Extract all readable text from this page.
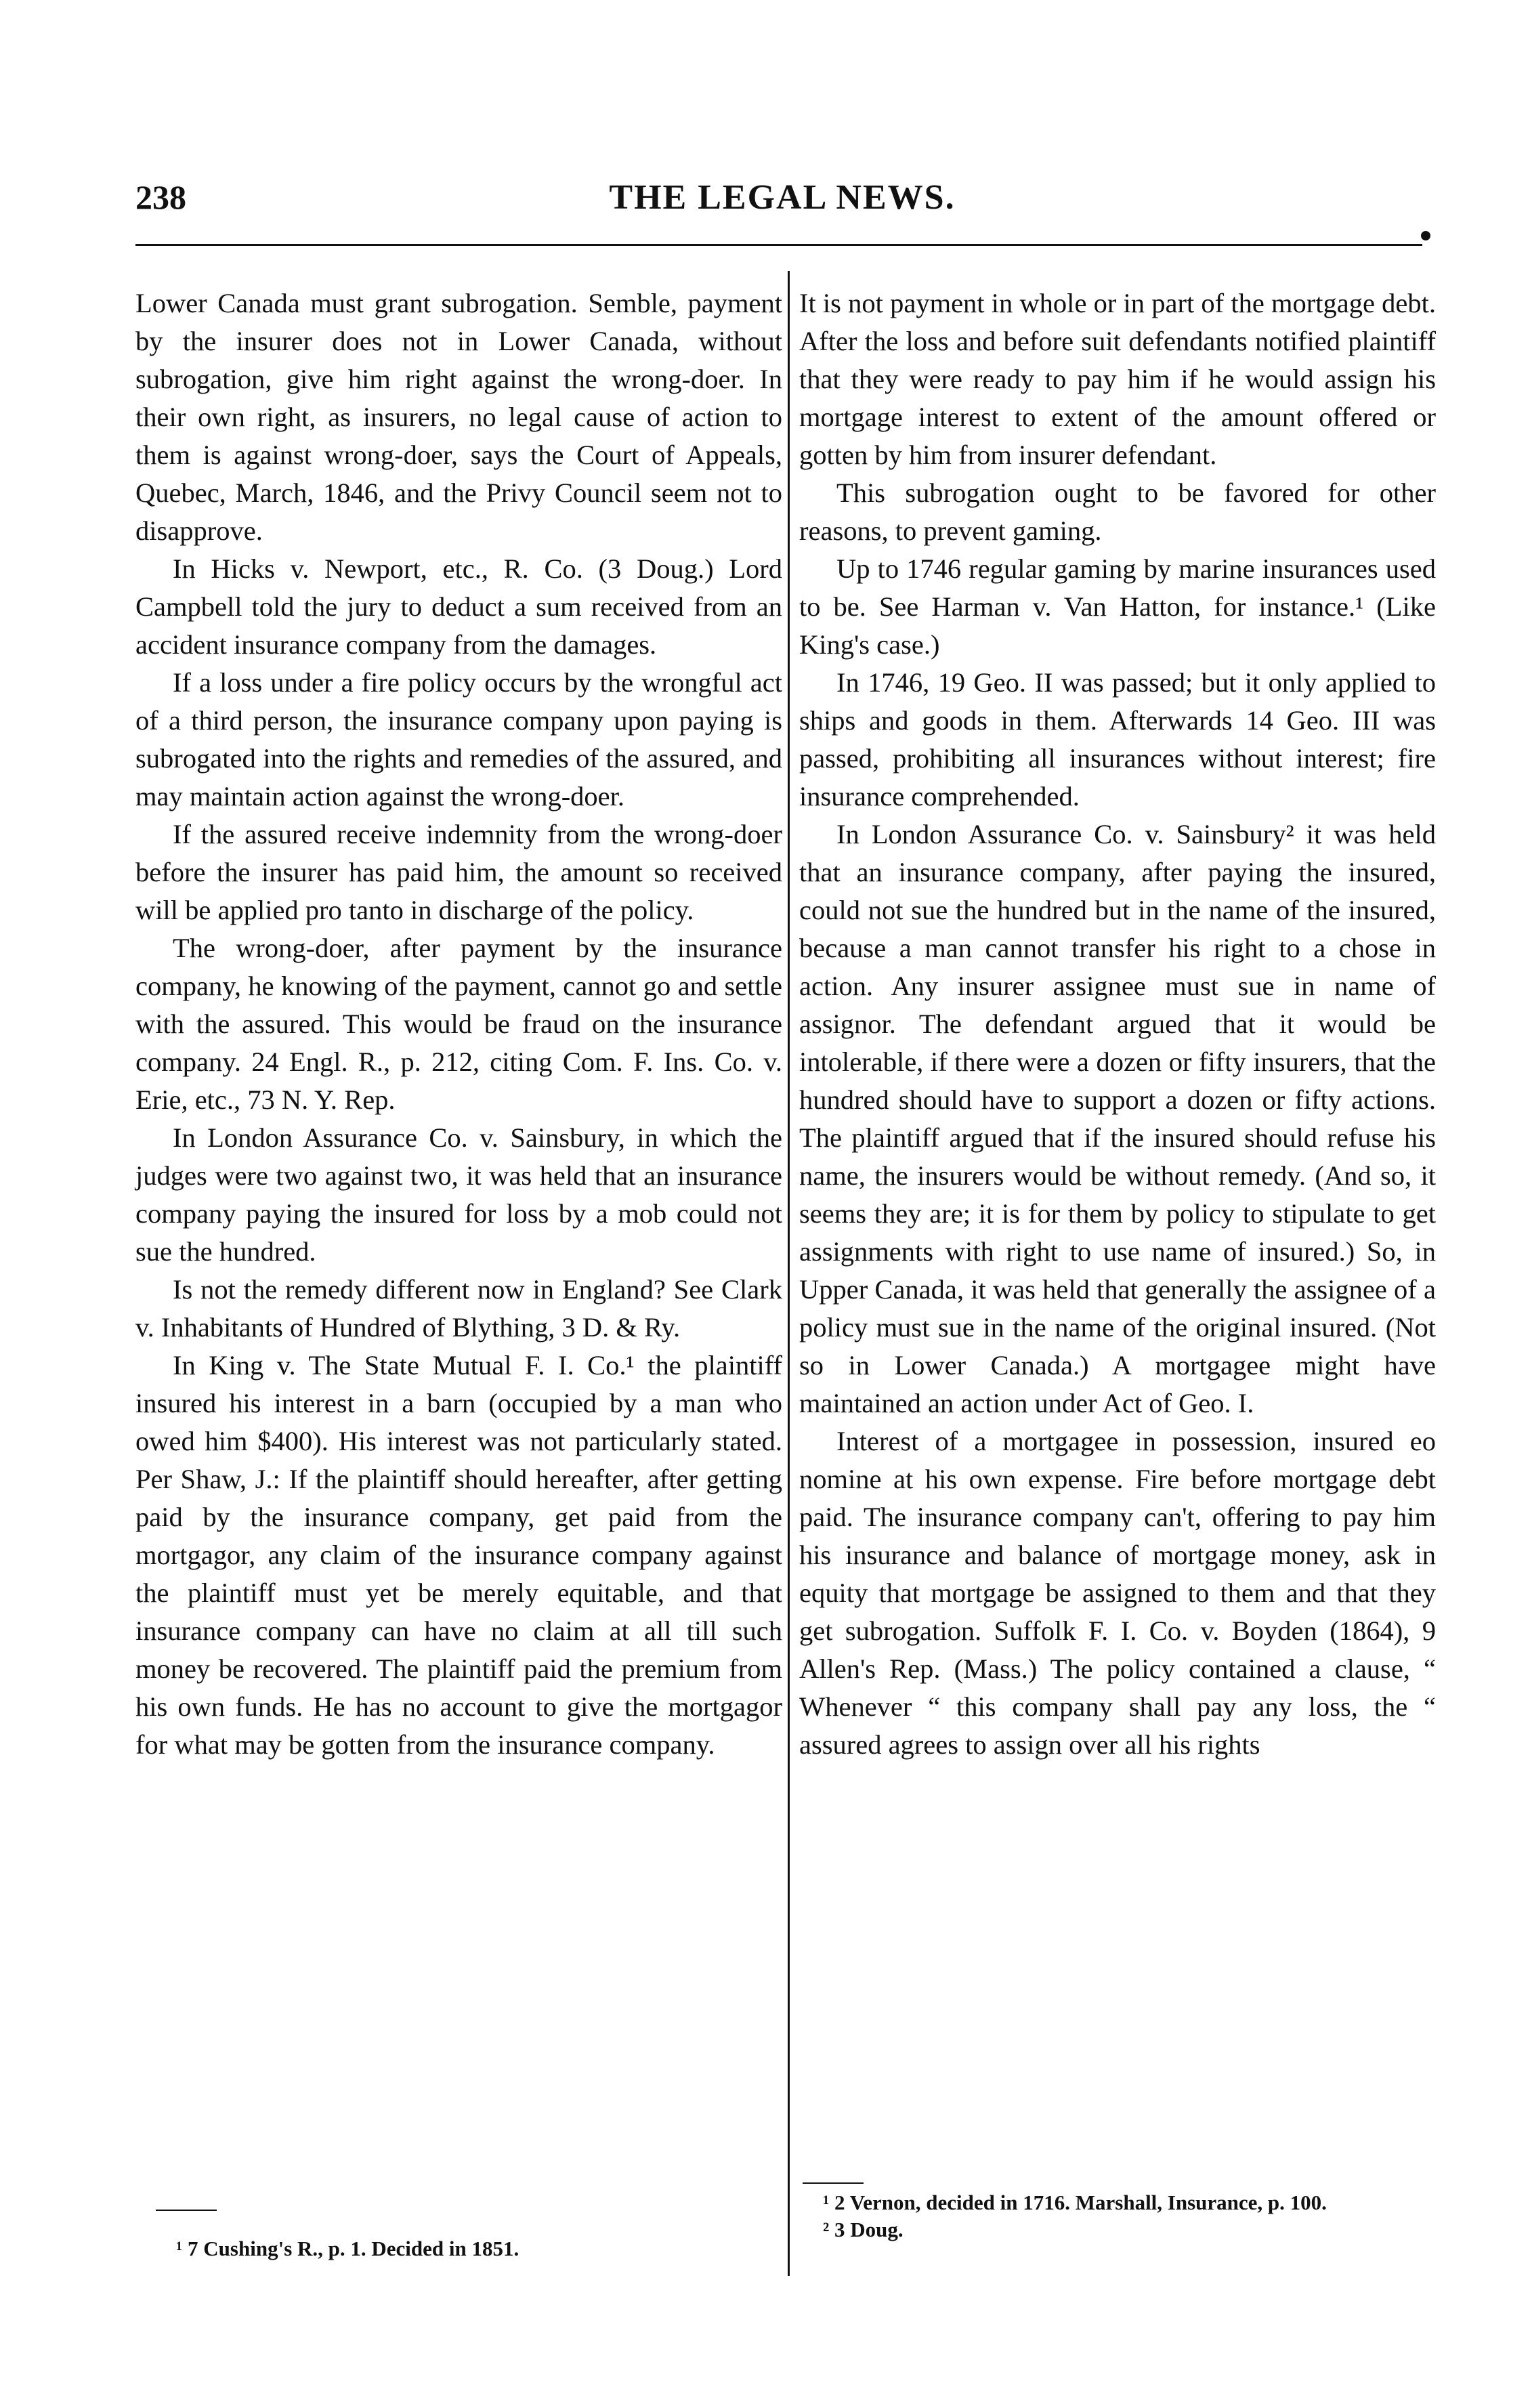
238	THE LEGAL NEWS.

Lower Canada must grant subrogation. Semble, payment by the insurer does not in Lower Canada, without subrogation, give him right against the wrong-doer. In their own right, as insurers, no legal cause of action to them is against wrong-doer, says the Court of Appeals, Quebec, March, 1846, and the Privy Council seem not to disapprove.

In Hicks v. Newport, etc., R. Co. (3 Doug.) Lord Campbell told the jury to deduct a sum received from an accident insurance company from the damages.

If a loss under a fire policy occurs by the wrongful act of a third person, the insurance company upon paying is subrogated into the rights and remedies of the assured, and may maintain action against the wrong-doer.

If the assured receive indemnity from the wrong-doer before the insurer has paid him, the amount so received will be applied pro tanto in discharge of the policy.

The wrong-doer, after payment by the insurance company, he knowing of the payment, cannot go and settle with the assured. This would be fraud on the insurance company. 24 Engl. R., p. 212, citing Com. F. Ins. Co. v. Erie, etc., 73 N. Y. Rep.

In London Assurance Co. v. Sainsbury, in which the judges were two against two, it was held that an insurance company paying the insured for loss by a mob could not sue the hundred.

Is not the remedy different now in England? See Clark v. Inhabitants of Hundred of Blything, 3 D. & Ry.

In King v. The State Mutual F. I. Co.¹ the plaintiff insured his interest in a barn (occupied by a man who owed him $400). His interest was not particularly stated. Per Shaw, J.: If the plaintiff should hereafter, after getting paid by the insurance company, get paid from the mortgagor, any claim of the insurance company against the plaintiff must yet be merely equitable, and that insurance company can have no claim at all till such money be recovered. The plaintiff paid the premium from his own funds. He has no account to give the mortgagor for what may be gotten from the insurance company.

It is not payment in whole or in part of the mortgage debt. After the loss and before suit defendants notified plaintiff that they were ready to pay him if he would assign his mortgage interest to extent of the amount offered or gotten by him from insurer defendant.

This subrogation ought to be favored for other reasons, to prevent gaming.

Up to 1746 regular gaming by marine insurances used to be. See Harman v. Van Hatton, for instance.¹ (Like King's case.)

In 1746, 19 Geo. II was passed; but it only applied to ships and goods in them. Afterwards 14 Geo. III was passed, prohibiting all insurances without interest; fire insurance comprehended.

In London Assurance Co. v. Sainsbury² it was held that an insurance company, after paying the insured, could not sue the hundred but in the name of the insured, because a man cannot transfer his right to a chose in action. Any insurer assignee must sue in name of assignor. The defendant argued that it would be intolerable, if there were a dozen or fifty insurers, that the hundred should have to support a dozen or fifty actions. The plaintiff argued that if the insured should refuse his name, the insurers would be without remedy. (And so, it seems they are; it is for them by policy to stipulate to get assignments with right to use name of insured.) So, in Upper Canada, it was held that generally the assignee of a policy must sue in the name of the original insured. (Not so in Lower Canada.) A mortgagee might have maintained an action under Act of Geo. I.

Interest of a mortgagee in possession, insured eo nomine at his own expense. Fire before mortgage debt paid. The insurance company can't, offering to pay him his insurance and balance of mortgage money, ask in equity that mortgage be assigned to them and that they get subrogation. Suffolk F. I. Co. v. Boyden (1864), 9 Allen's Rep. (Mass.) The policy contained a clause, “ Whenever “ this company shall pay any loss, the “ assured agrees to assign over all his rights

¹ 7 Cushing's R., p. 1. Decided in 1851.
¹ 2 Vernon, decided in 1716. Marshall, Insurance, p. 100.
² 3 Doug.
